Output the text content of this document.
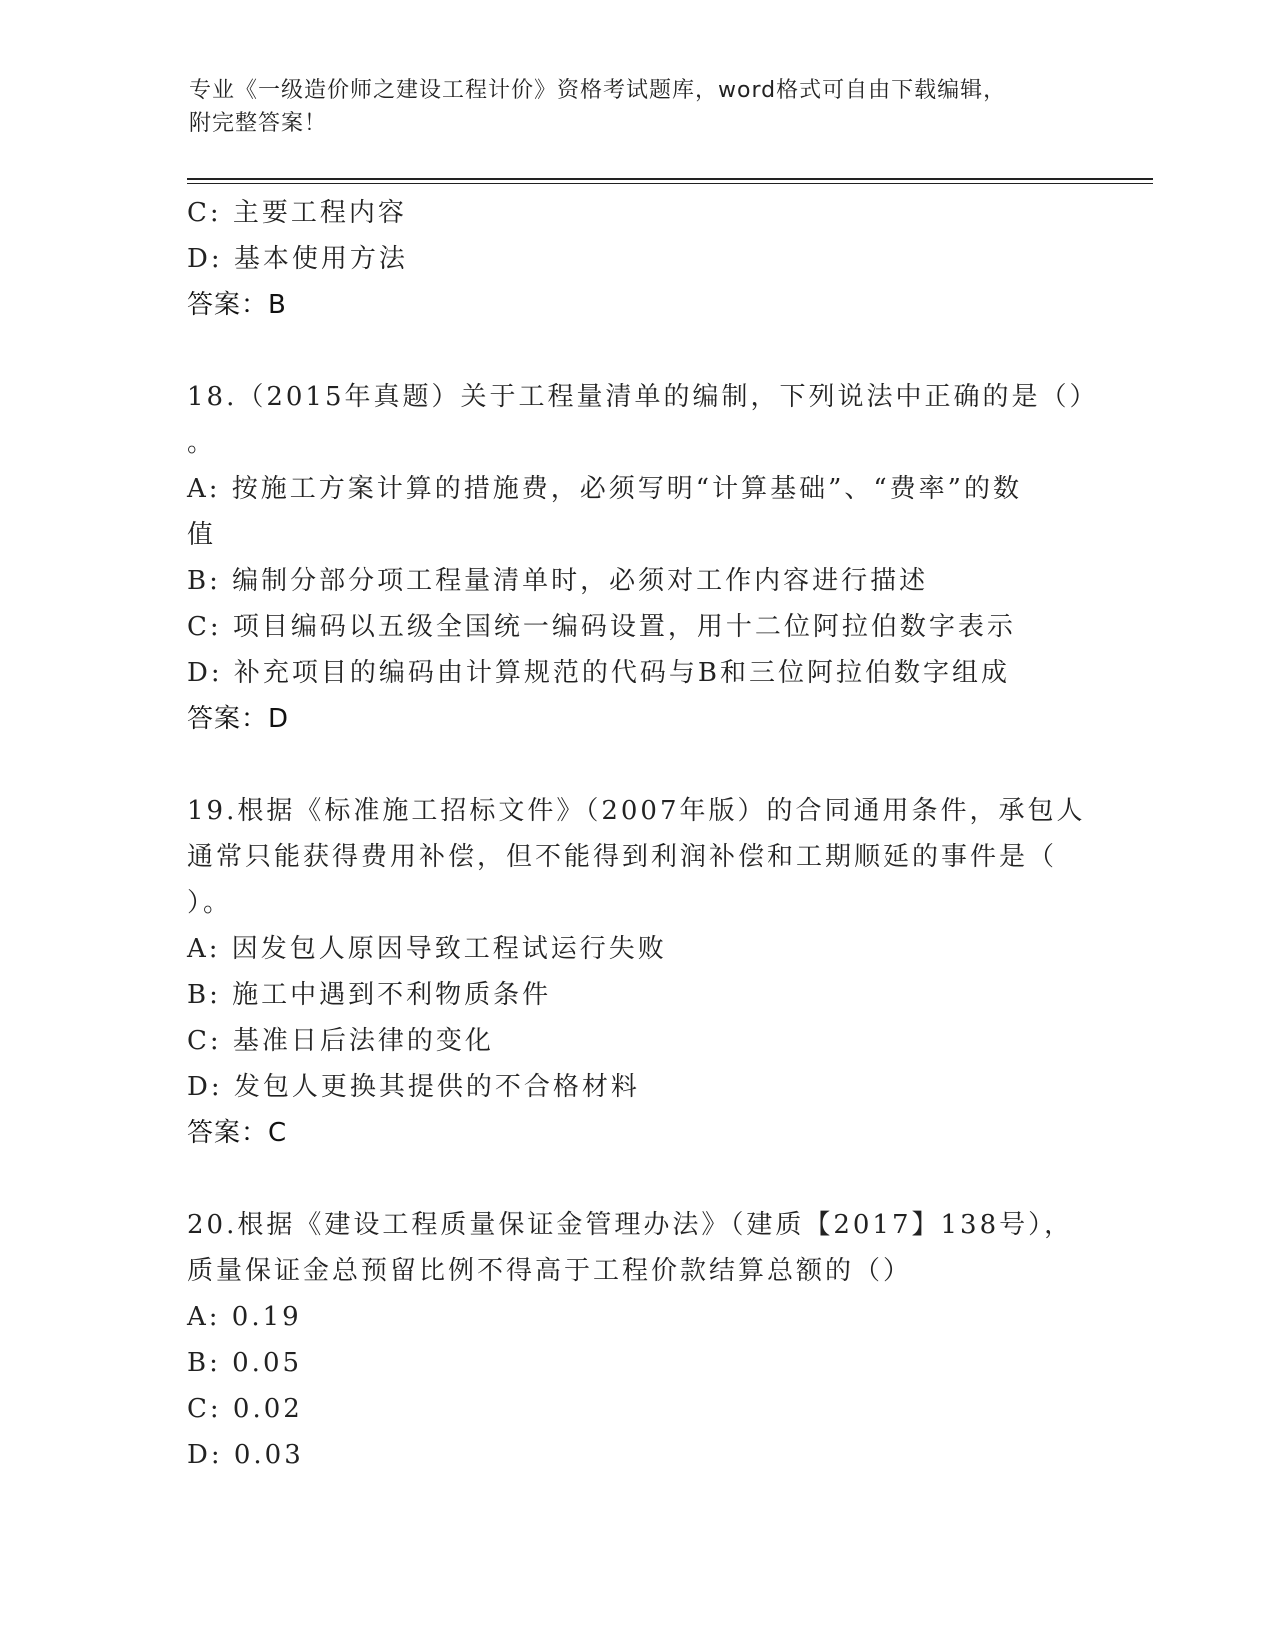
专业《一级造价师之建设工程计价》资格考试题库，word格式可自由下载编辑，
附完整答案！
C: 主要工程内容
D: 基本使用方法
答案：B
18.（2015年真题）关于工程量清单的编制，下列说法中正确的是（）
。
A: 按施工方案计算的措施费，必须写明“计算基础”、“费率”的数
值
B: 编制分部分项工程量清单时，必须对工作内容进行描述
C: 项目编码以五级全国统一编码设置，用十二位阿拉伯数字表示
D: 补充项目的编码由计算规范的代码与B和三位阿拉伯数字组成
答案：D
19.根据《标准施工招标文件》（2007年版）的合同通用条件，承包人
通常只能获得费用补偿，但不能得到利润补偿和工期顺延的事件是（
）。
A: 因发包人原因导致工程试运行失败
B: 施工中遇到不利物质条件
C: 基准日后法律的变化
D: 发包人更换其提供的不合格材料
答案：C
20.根据《建设工程质量保证金管理办法》（建质【2017】138号），
质量保证金总预留比例不得高于工程价款结算总额的（）
A: 0.19
B: 0.05
C: 0.02
D: 0.03
